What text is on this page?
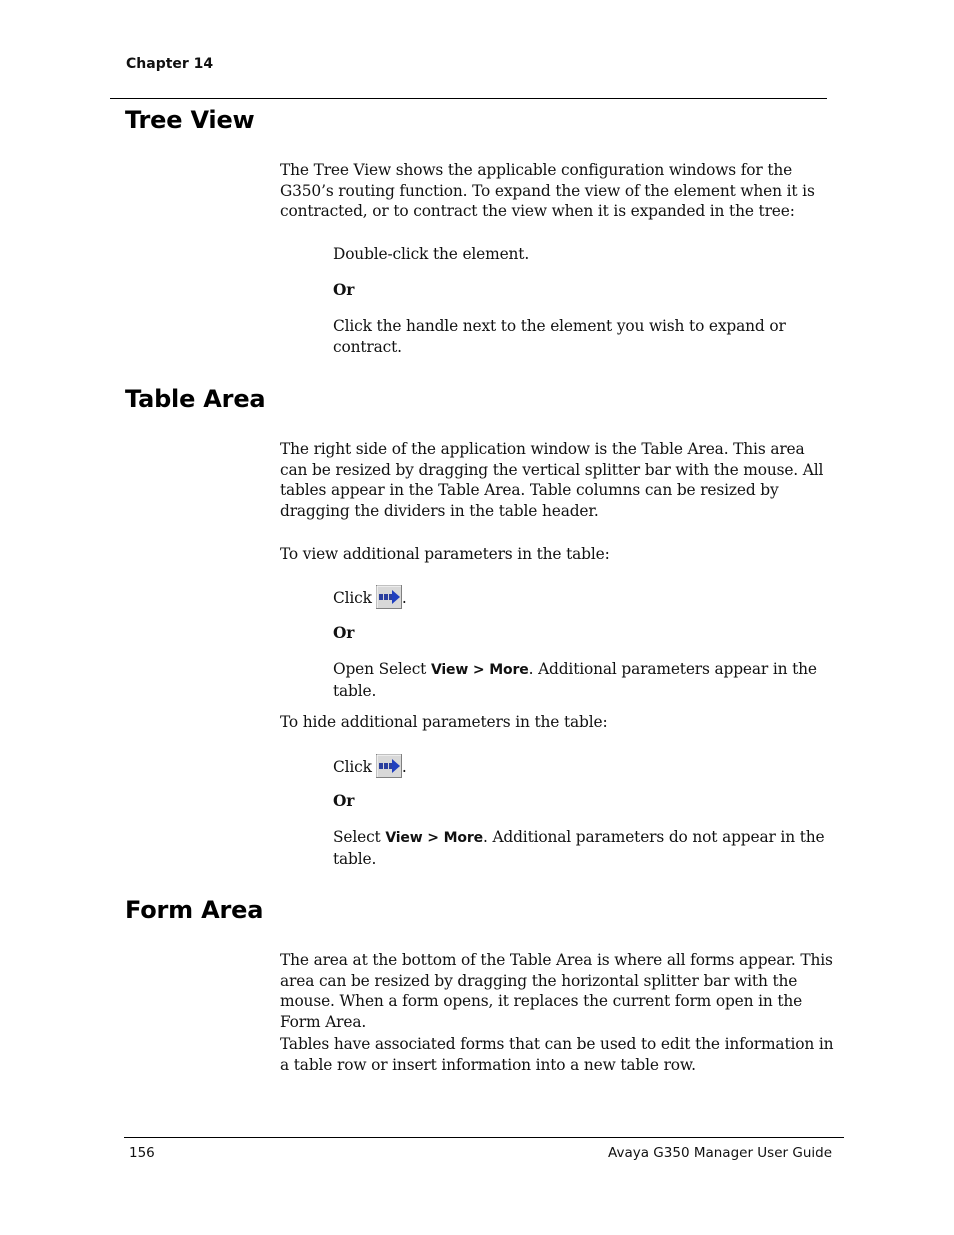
Chapter 14
Tree View
The Tree View shows the applicable configuration windows for the G350’s routing function. To expand the view of the element when it is contracted, or to contract the view when it is expanded in the tree:
Double-click the element.
Or
Click the handle next to the element you wish to expand or contract.
Table Area
The right side of the application window is the Table Area. This area can be resized by dragging the vertical splitter bar with the mouse. All tables appear in the Table Area. Table columns can be resized by dragging the dividers in the table header.
To view additional parameters in the table:
Click .
Or
Open Select View > More. Additional parameters appear in the table.
To hide additional parameters in the table:
Click .
Or
Select View > More. Additional parameters do not appear in the table.
Form Area
The area at the bottom of the Table Area is where all forms appear. This area can be resized by dragging the horizontal splitter bar with the mouse. When a form opens, it replaces the current form open in the Form Area.
Tables have associated forms that can be used to edit the information in a table row or insert information into a new table row.
156	Avaya G350 Manager User Guide
